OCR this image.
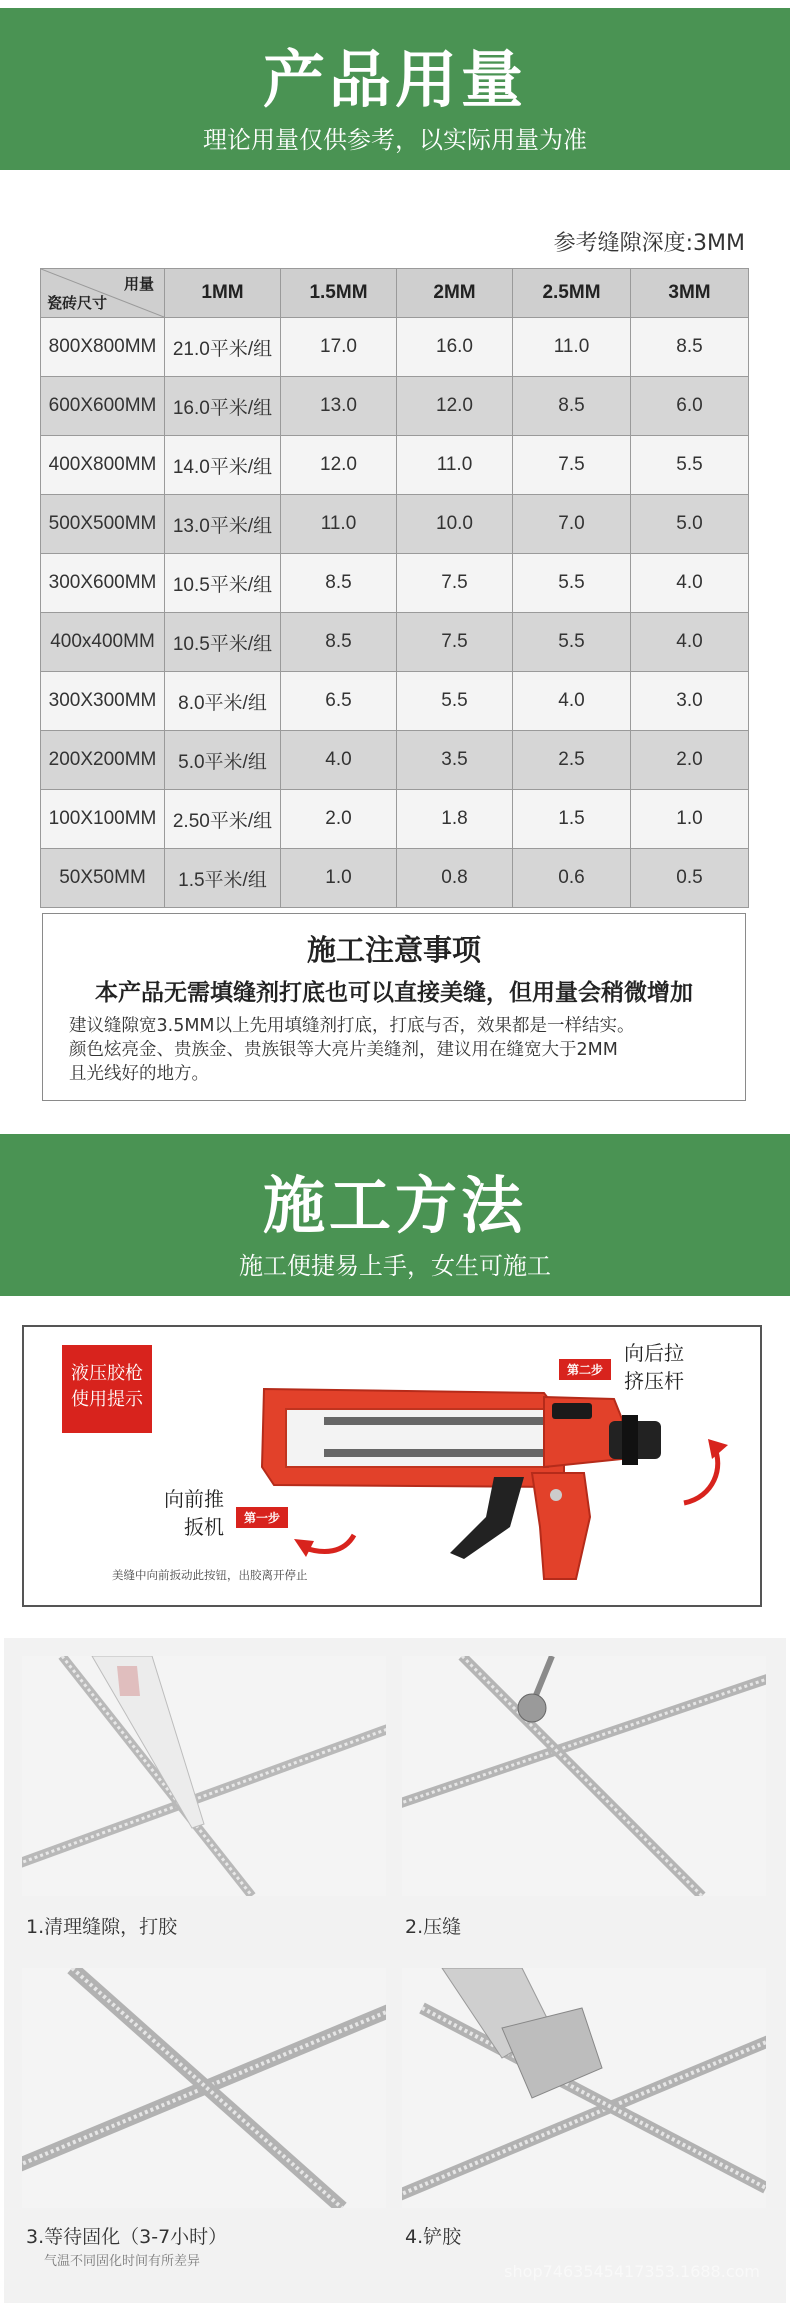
产品用量
理论用量仅供参考，以实际用量为准
参考缝隙深度:3MM
用量
瓷砖尺寸	1MM	1.5MM	2MM	2.5MM	3MM
800X800MM	21.0平米/组	17.0	16.0	11.0	8.5
600X600MM	16.0平米/组	13.0	12.0	8.5	6.0
400X800MM	14.0平米/组	12.0	11.0	7.5	5.5
500X500MM	13.0平米/组	11.0	10.0	7.0	5.0
300X600MM	10.5平米/组	8.5	7.5	5.5	4.0
400x400MM	10.5平米/组	8.5	7.5	5.5	4.0
300X300MM	8.0平米/组	6.5	5.5	4.0	3.0
200X200MM	5.0平米/组	4.0	3.5	2.5	2.0
100X100MM	2.50平米/组	2.0	1.8	1.5	1.0
50X50MM	1.5平米/组	1.0	0.8	0.6	0.5
施工注意事项
本产品无需填缝剂打底也可以直接美缝，但用量会稍微增加
建议缝隙宽3.5MM以上先用填缝剂打底，打底与否，效果都是一样结实。
颜色炫亮金、贵族金、贵族银等大亮片美缝剂，建议用在缝宽大于2MM
且光线好的地方。
施工方法
施工便捷易上手，女生可施工
液压胶枪
使用提示
第二步
向后拉
挤压杆
第一步
向前推
扳机
美缝中向前扳动此按钮，出胶离开停止
1.清理缝隙，打胶	2.压缝
3.等待固化（3-7小时）
气温不同固化时间有所差异
4.铲胶
shop7463545417353.1688.com
